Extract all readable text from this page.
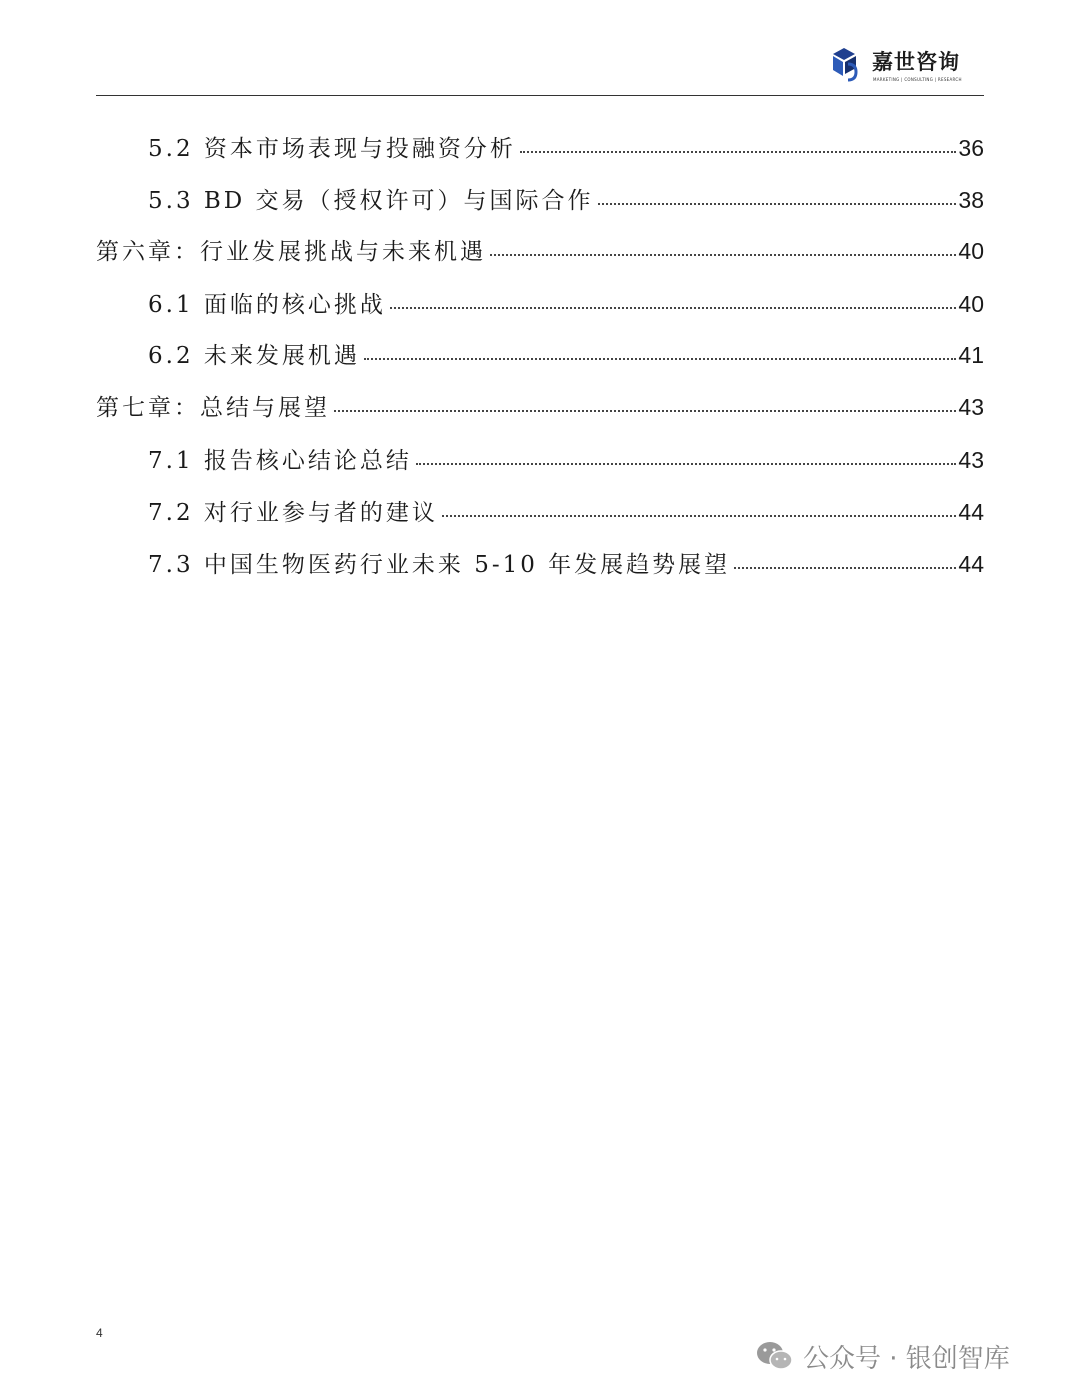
嘉世咨询
MARKETING | CONSULTING | RESEARCH
5.2 资本市场表现与投融资分析	36
5.3 BD 交易（授权许可）与国际合作	38
第六章：行业发展挑战与未来机遇	40
6.1 面临的核心挑战	40
6.2 未来发展机遇	41
第七章：总结与展望	43
7.1 报告核心结论总结	43
7.2 对行业参与者的建议	44
7.3 中国生物医药行业未来 5-10 年发展趋势展望	44
4
公众号 · 银创智库
